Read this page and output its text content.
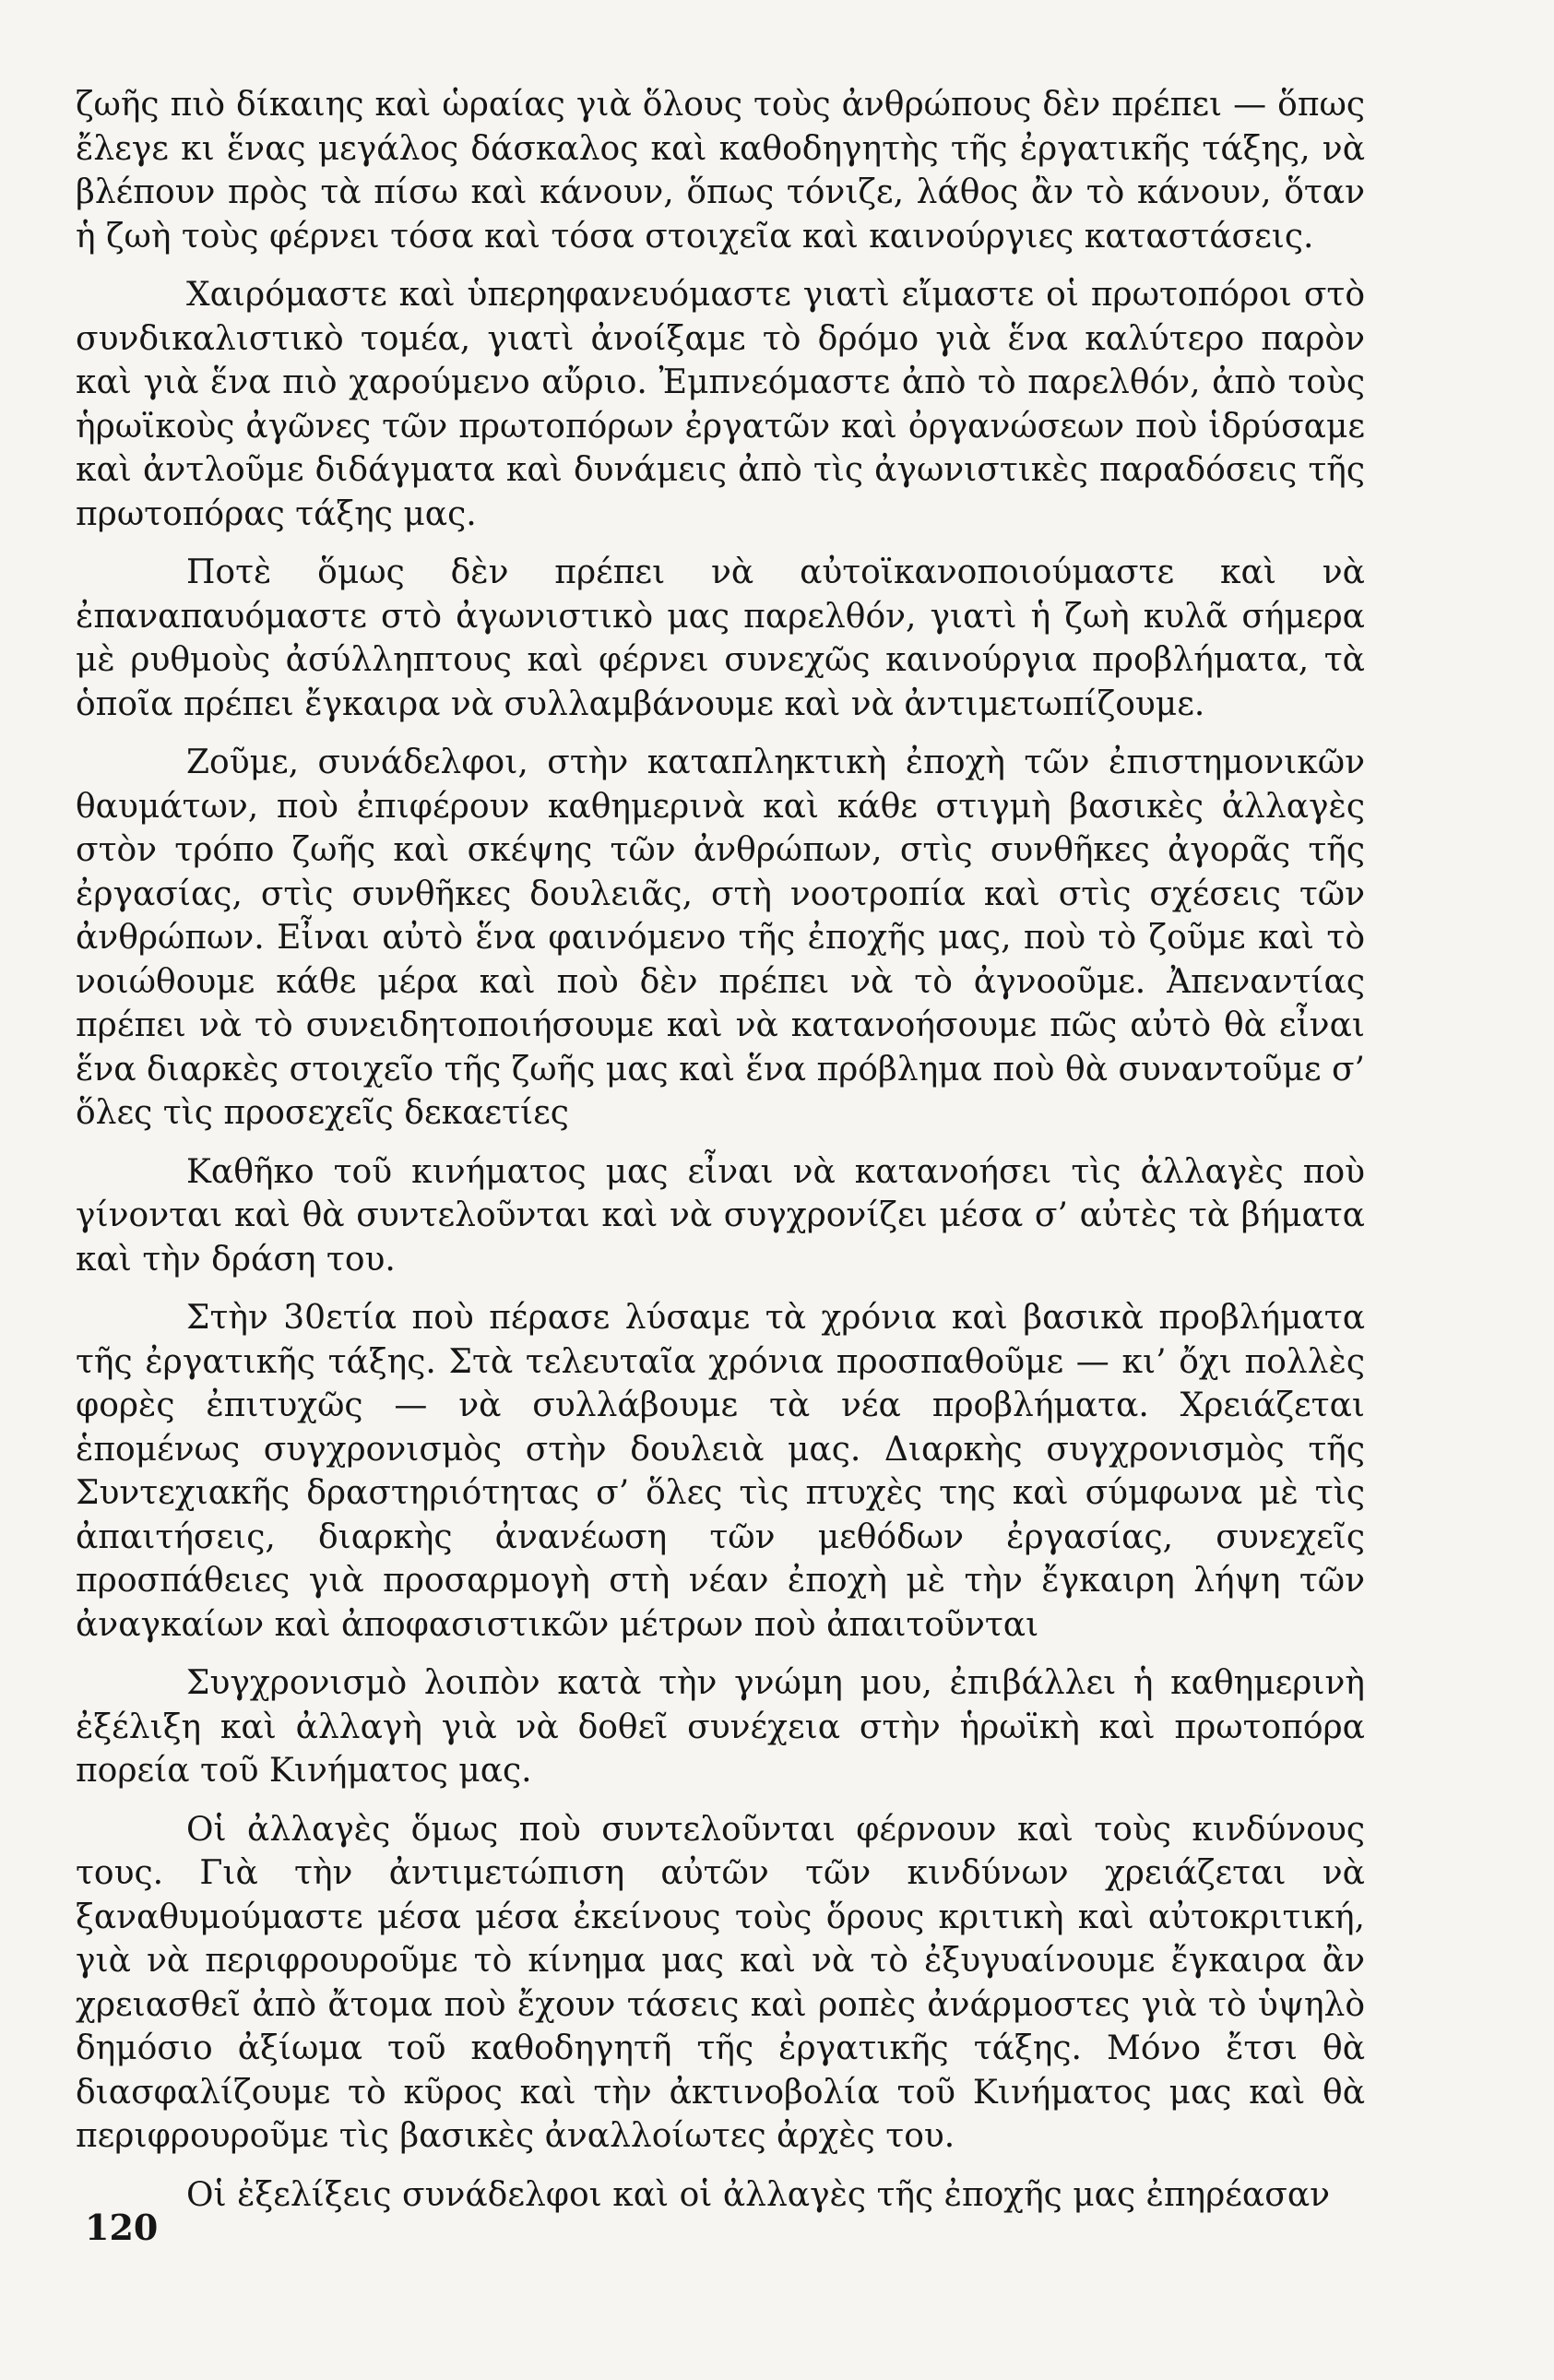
ζωῆς πιὸ δίκαιης καὶ ὡραίας γιὰ ὅλους τοὺς ἀνθρώπους δὲν πρέπει — ὅπως ἔλεγε κι ἕνας μεγάλος δάσκαλος καὶ καθοδηγητὴς τῆς ἐργατικῆς τάξης, νὰ βλέπουν πρὸς τὰ πίσω καὶ κάνουν, ὅπως τόνιζε, λάθος ἂν τὸ κάνουν, ὅταν ἡ ζωὴ τοὺς φέρνει τόσα καὶ τόσα στοιχεῖα καὶ καινούργιες καταστάσεις.

Χαιρόμαστε καὶ ὑπερηφανευόμαστε γιατὶ εἴμαστε οἱ πρωτοπόροι στὸ συνδικαλιστικὸ τομέα, γιατὶ ἀνοίξαμε τὸ δρόμο γιὰ ἕνα καλύτερο παρὸν καὶ γιὰ ἕνα πιὸ χαρούμενο αὔριο. Ἐμπνεόμαστε ἀπὸ τὸ παρελθόν, ἀπὸ τοὺς ἡρωϊκοὺς ἀγῶνες τῶν πρωτοπόρων ἐργατῶν καὶ ὀργανώσεων ποὺ ἱδρύσαμε καὶ ἀντλοῦμε διδάγματα καὶ δυνάμεις ἀπὸ τὶς ἀγωνιστικὲς παραδόσεις τῆς πρωτοπόρας τάξης μας.

Ποτὲ ὅμως δὲν πρέπει νὰ αὐτοϊκανοποιούμαστε καὶ νὰ ἐπαναπαυόμαστε στὸ ἀγωνιστικὸ μας παρελθόν, γιατὶ ἡ ζωὴ κυλᾶ σήμερα μὲ ρυθμοὺς ἀσύλληπτους καὶ φέρνει συνεχῶς καινούργια προβλήματα, τὰ ὁποῖα πρέπει ἔγκαιρα νὰ συλλαμβάνουμε καὶ νὰ ἀντιμετωπίζουμε.

Ζοῦμε, συνάδελφοι, στὴν καταπληκτικὴ ἐποχὴ τῶν ἐπιστημονικῶν θαυμάτων, ποὺ ἐπιφέρουν καθημερινὰ καὶ κάθε στιγμὴ βασικὲς ἀλλαγὲς στὸν τρόπο ζωῆς καὶ σκέψης τῶν ἀνθρώπων, στὶς συνθῆκες ἀγορᾶς τῆς ἐργασίας, στὶς συνθῆκες δουλειᾶς, στὴ νοοτροπία καὶ στὶς σχέσεις τῶν ἀνθρώπων. Εἶναι αὐτὸ ἕνα φαινόμενο τῆς ἐποχῆς μας, ποὺ τὸ ζοῦμε καὶ τὸ νοιώθουμε κάθε μέρα καὶ ποὺ δὲν πρέπει νὰ τὸ ἀγνοοῦμε. Ἀπεναντίας πρέπει νὰ τὸ συνειδητοποιήσουμε καὶ νὰ κατανοήσουμε πῶς αὐτὸ θὰ εἶναι ἕνα διαρκὲς στοιχεῖο τῆς ζωῆς μας καὶ ἕνα πρόβλημα ποὺ θὰ συναντοῦμε σ’ ὅλες τὶς προσεχεῖς δεκαετίες

Καθῆκο τοῦ κινήματος μας εἶναι νὰ κατανοήσει τὶς ἀλλαγὲς ποὺ γίνονται καὶ θὰ συντελοῦνται καὶ νὰ συγχρονίζει μέσα σ’ αὐτὲς τὰ βήματα καὶ τὴν δράση του.

Στὴν 30ετία ποὺ πέρασε λύσαμε τὰ χρόνια καὶ βασικὰ προβλήματα τῆς ἐργατικῆς τάξης. Στὰ τελευταῖα χρόνια προσπαθοῦμε — κι’ ὄχι πολλὲς φορὲς ἐπιτυχῶς — νὰ συλλάβουμε τὰ νέα προβλήματα. Χρειάζεται ἑπομένως συγχρονισμὸς στὴν δουλειὰ μας. Διαρκὴς συγχρονισμὸς τῆς Συντεχιακῆς δραστηριότητας σ’ ὅλες τὶς πτυχὲς της καὶ σύμφωνα μὲ τὶς ἀπαιτήσεις, διαρκὴς ἀνανέωση τῶν μεθόδων ἐργασίας, συνεχεῖς προσπάθειες γιὰ προσαρμογὴ στὴ νέαν ἐποχὴ μὲ τὴν ἔγκαιρη λήψη τῶν ἀναγκαίων καὶ ἀποφασιστικῶν μέτρων ποὺ ἀπαιτοῦνται

Συγχρονισμὸ λοιπὸν κατὰ τὴν γνώμη μου, ἐπιβάλλει ἡ καθημερινὴ ἐξέλιξη καὶ ἀλλαγὴ γιὰ νὰ δοθεῖ συνέχεια στὴν ἡρωϊκὴ καὶ πρωτοπόρα πορεία τοῦ Κινήματος μας.

Οἱ ἀλλαγὲς ὅμως ποὺ συντελοῦνται φέρνουν καὶ τοὺς κινδύνους τους. Γιὰ τὴν ἀντιμετώπιση αὐτῶν τῶν κινδύνων χρειάζεται νὰ ξαναθυμούμαστε μέσα μέσα ἐκείνους τοὺς ὅρους κριτικὴ καὶ αὐτοκριτική, γιὰ νὰ περιφρουροῦμε τὸ κίνημα μας καὶ νὰ τὸ ἐξυγυαίνουμε ἔγκαιρα ἂν χρειασθεῖ ἀπὸ ἄτομα ποὺ ἔχουν τάσεις καὶ ροπὲς ἀνάρμοστες γιὰ τὸ ὑψηλὸ δημόσιο ἀξίωμα τοῦ καθοδηγητῆ τῆς ἐργατικῆς τάξης. Μόνο ἔτσι θὰ διασφαλίζουμε τὸ κῦρος καὶ τὴν ἀκτινοβολία τοῦ Κινήματος μας καὶ θὰ περιφρουροῦμε τὶς βασικὲς ἀναλλοίωτες ἀρχὲς του.

Οἱ ἐξελίξεις συνάδελφοι καὶ οἱ ἀλλαγὲς τῆς ἐποχῆς μας ἐπηρέασαν

120
